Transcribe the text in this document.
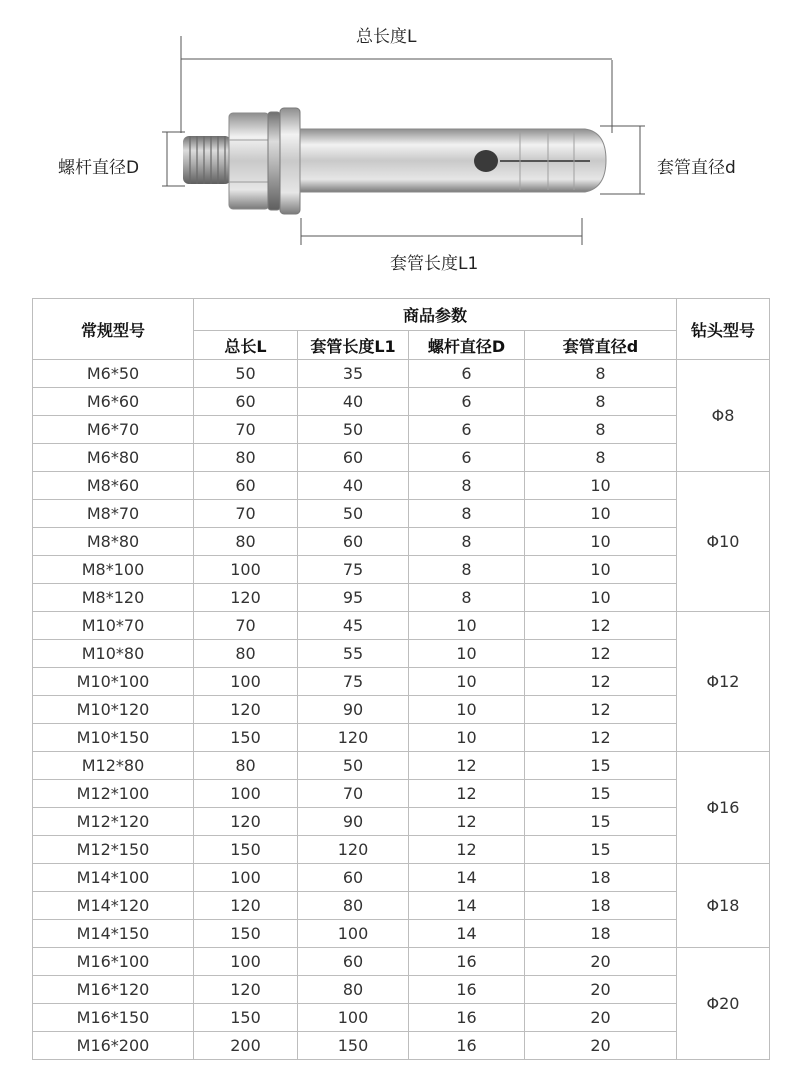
总长度L
螺杆直径D	套管直径d
套管长度L1
常规型号	商品参数				钻头型号
	总长L	套管长度L1	螺杆直径D	套管直径d	
M6*50	50	35	6	8	Φ8
M6*60	60	40	6	8	
M6*70	70	50	6	8	
M6*80	80	60	6	8	
M8*60	60	40	8	10	Φ10
M8*70	70	50	8	10	
M8*80	80	60	8	10	
M8*100	100	75	8	10	
M8*120	120	95	8	10	
M10*70	70	45	10	12	Φ12
M10*80	80	55	10	12	
M10*100	100	75	10	12	
M10*120	120	90	10	12	
M10*150	150	120	10	12	
M12*80	80	50	12	15	Φ16
M12*100	100	70	12	15	
M12*120	120	90	12	15	
M12*150	150	120	12	15	
M14*100	100	60	14	18	Φ18
M14*120	120	80	14	18	
M14*150	150	100	14	18	
M16*100	100	60	16	20	Φ20
M16*120	120	80	16	20	
M16*150	150	100	16	20	
M16*200	200	150	16	20	
